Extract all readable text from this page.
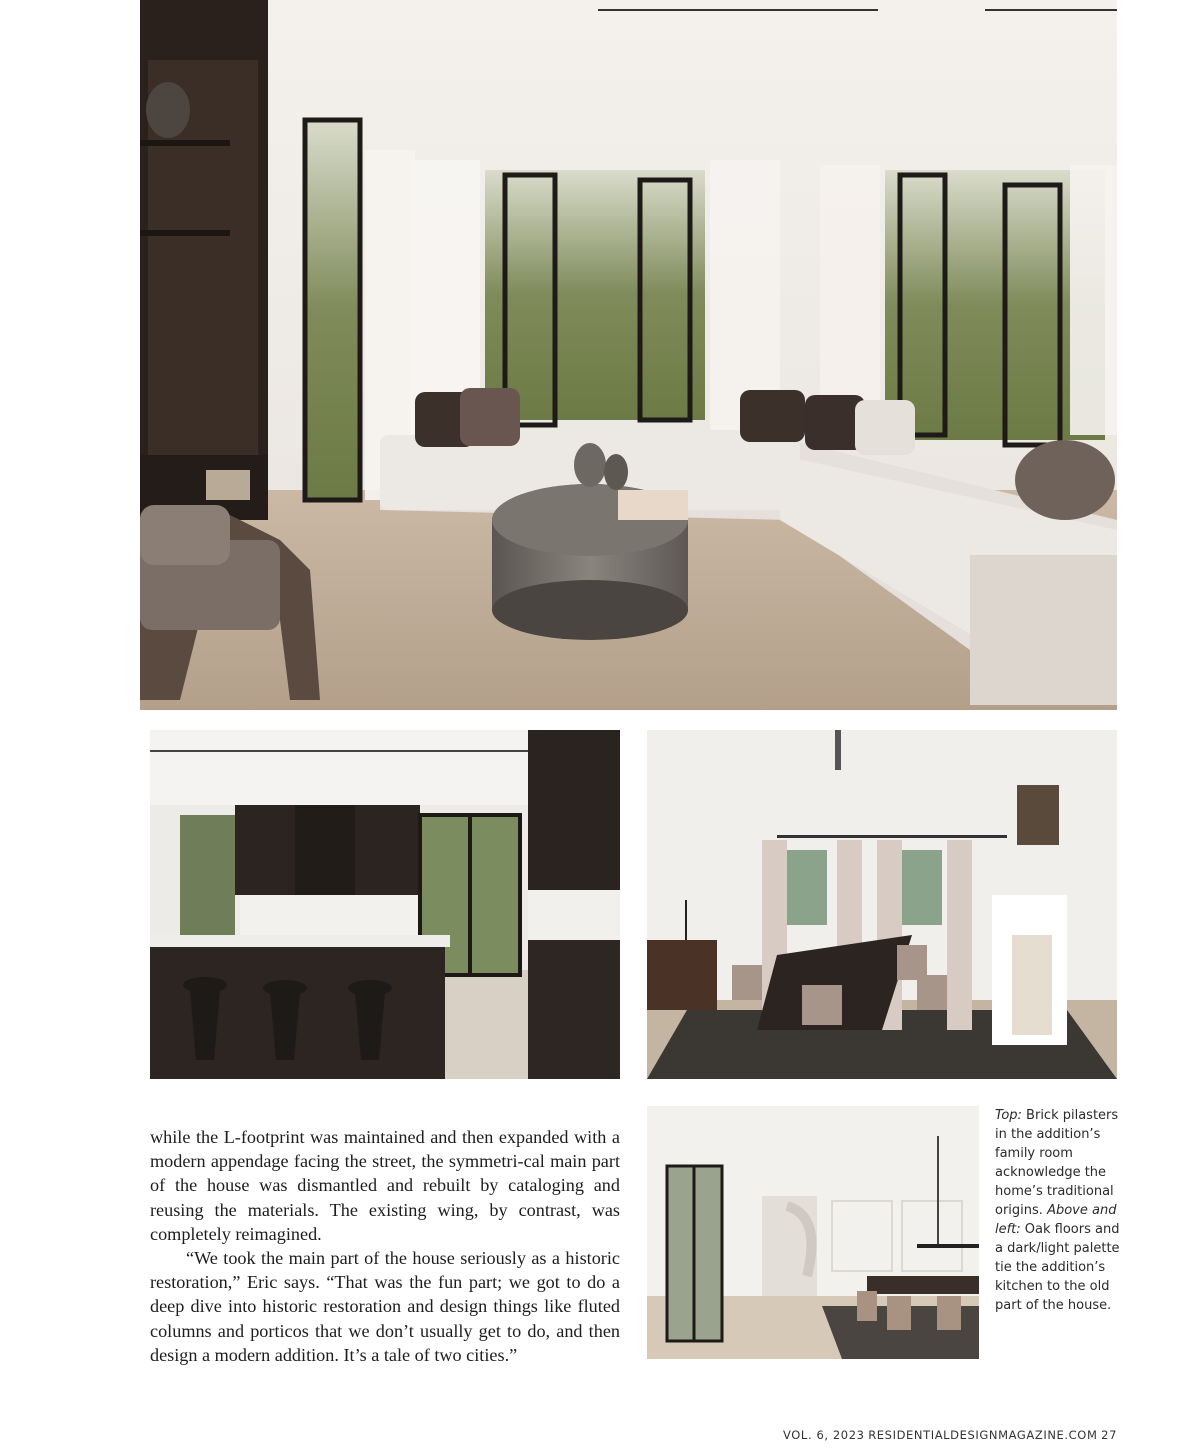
while the L-footprint was maintained and then expanded with a modern appendage facing the street, the symmetri-cal main part of the house was dismantled and rebuilt by cataloging and reusing the materials. The existing wing, by contrast, was completely reimagined.

“We took the main part of the house seriously as a historic restoration,” Eric says. “That was the fun part; we got to do a deep dive into historic restoration and design things like fluted columns and porticos that we don’t usually get to do, and then design a modern addition. It’s a tale of two cities.”

Top: Brick pilasters in the addition’s family room acknowledge the home’s traditional origins. Above and left: Oak floors and a dark/light palette tie the addition’s kitchen to the old part of the house.
VOL. 6, 2023 RESIDENTIALDESIGNMAGAZINE.COM 27
